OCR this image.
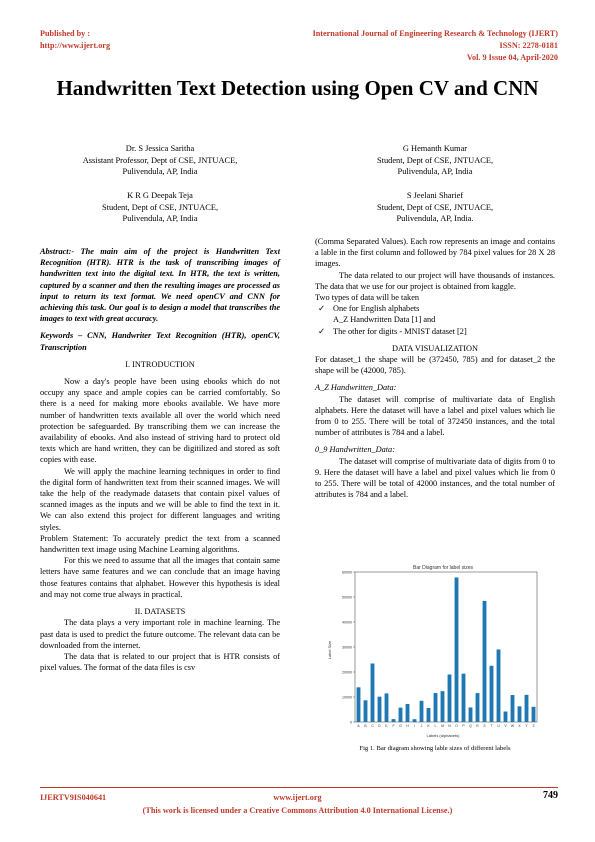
Published by :
http://www.ijert.org
International Journal of Engineering Research & Technology (IJERT)
ISSN: 2278-0181
Vol. 9 Issue 04, April-2020
Handwritten Text Detection using Open CV and CNN
Dr. S Jessica Saritha
Assistant Professor, Dept of CSE, JNTUACE,
Pulivendula, AP, India
G Hemanth Kumar
Student, Dept of CSE, JNTUACE,
Pulivendula, AP, India
K R G Deepak Teja
Student, Dept of CSE, JNTUACE,
Pulivendula, AP, India
S Jeelani Sharief
Student, Dept of CSE, JNTUACE,
Pulivendula, AP, India.

Abstract:- The main aim of the project is Handwritten Text Recognition (HTR). HTR is the task of transcribing images of handwritten text into the digital text. In HTR, the text is written, captured by a scanner and then the resulting images are processed as input to return its text format. We need openCV and CNN for achieving this task. Our goal is to design a model that transcribes the images to text with great accuracy.

Keywords – CNN, Handwriter Text Recognition (HTR), openCV, Transcription

I. INTRODUCTION

Now a day's people have been using ebooks which do not occupy any space and ample copies can be carried comfortably. So there is a need for making more ebooks available. We have more number of handwritten texts available all over the world which need protection be safeguarded. By transcribing them we can increase the availability of ebooks. And also instead of striving hard to protect old texts which are hand written, they can be digitilized and stored as soft copies with ease.

We will apply the machine learning techniques in order to find the digital form of handwritten text from their scanned images. We will take the help of the readymade datasets that contain pixel values of scanned images as the inputs and we will be able to find the text in it. We can also extend this project for different languages and writing styles.

Problem Statement: To accurately predict the text from a scanned handwritten text image using Machine Learning algorithms.

For this we need to assume that all the images that contain same letters have same features and we can conclude that an image having those features contains that alphabet. However this hypothesis is ideal and may not come true always in practical.

II. DATASETS

The data plays a very important role in machine learning. The past data is used to predict the future outcome. The relevant data can be downloaded from the internet.

The data that is related to our project that is HTR consists of pixel values. The format of the data files is csv

(Comma Separated Values). Each row represents an image and contains a lable in the first column and followed by 784 pixel values for 28 X 28 images.

The data related to our project will have thousands of instances. The data that we use for our project is obtained from kaggle.

Two types of data will be taken

✓ One for English alphabets

A_Z Handwritten Data [1] and

✓ The other for digits - MNIST dataset [2]

DATA VISUALIZATION

For dataset_1 the shape will be (372450, 785) and for dataset_2 the shape will be (42000, 785).

A_Z Handwritten_Data:

The dataset will comprise of multivariate data of English alphabets. Here the dataset will have a label and pixel values which lie from 0 to 255. There will be total of 372450 instances, and the total number of attributes is 784 and a label.

0_9 Handwritten_Data:

The dataset will comprise of multivariate data of digits from 0 to 9. Here the dataset will have a label and pixel values which lie from 0 to 255. There will be total of 42000 instances, and the total number of attributes is 784 and a label.

Bar Diagram for label sizes
Label Size
Labels (alphabets)
0
10000
20000
30000
40000
50000
60000
A B C D E F G H I J K L M N O P Q R S T U V W X Y Z
Fig 1. Bar diagram showing lable sizes of different labels
IJERTV9IS040641	www.ijert.org	749
(This work is licensed under a Creative Commons Attribution 4.0 International License.)
